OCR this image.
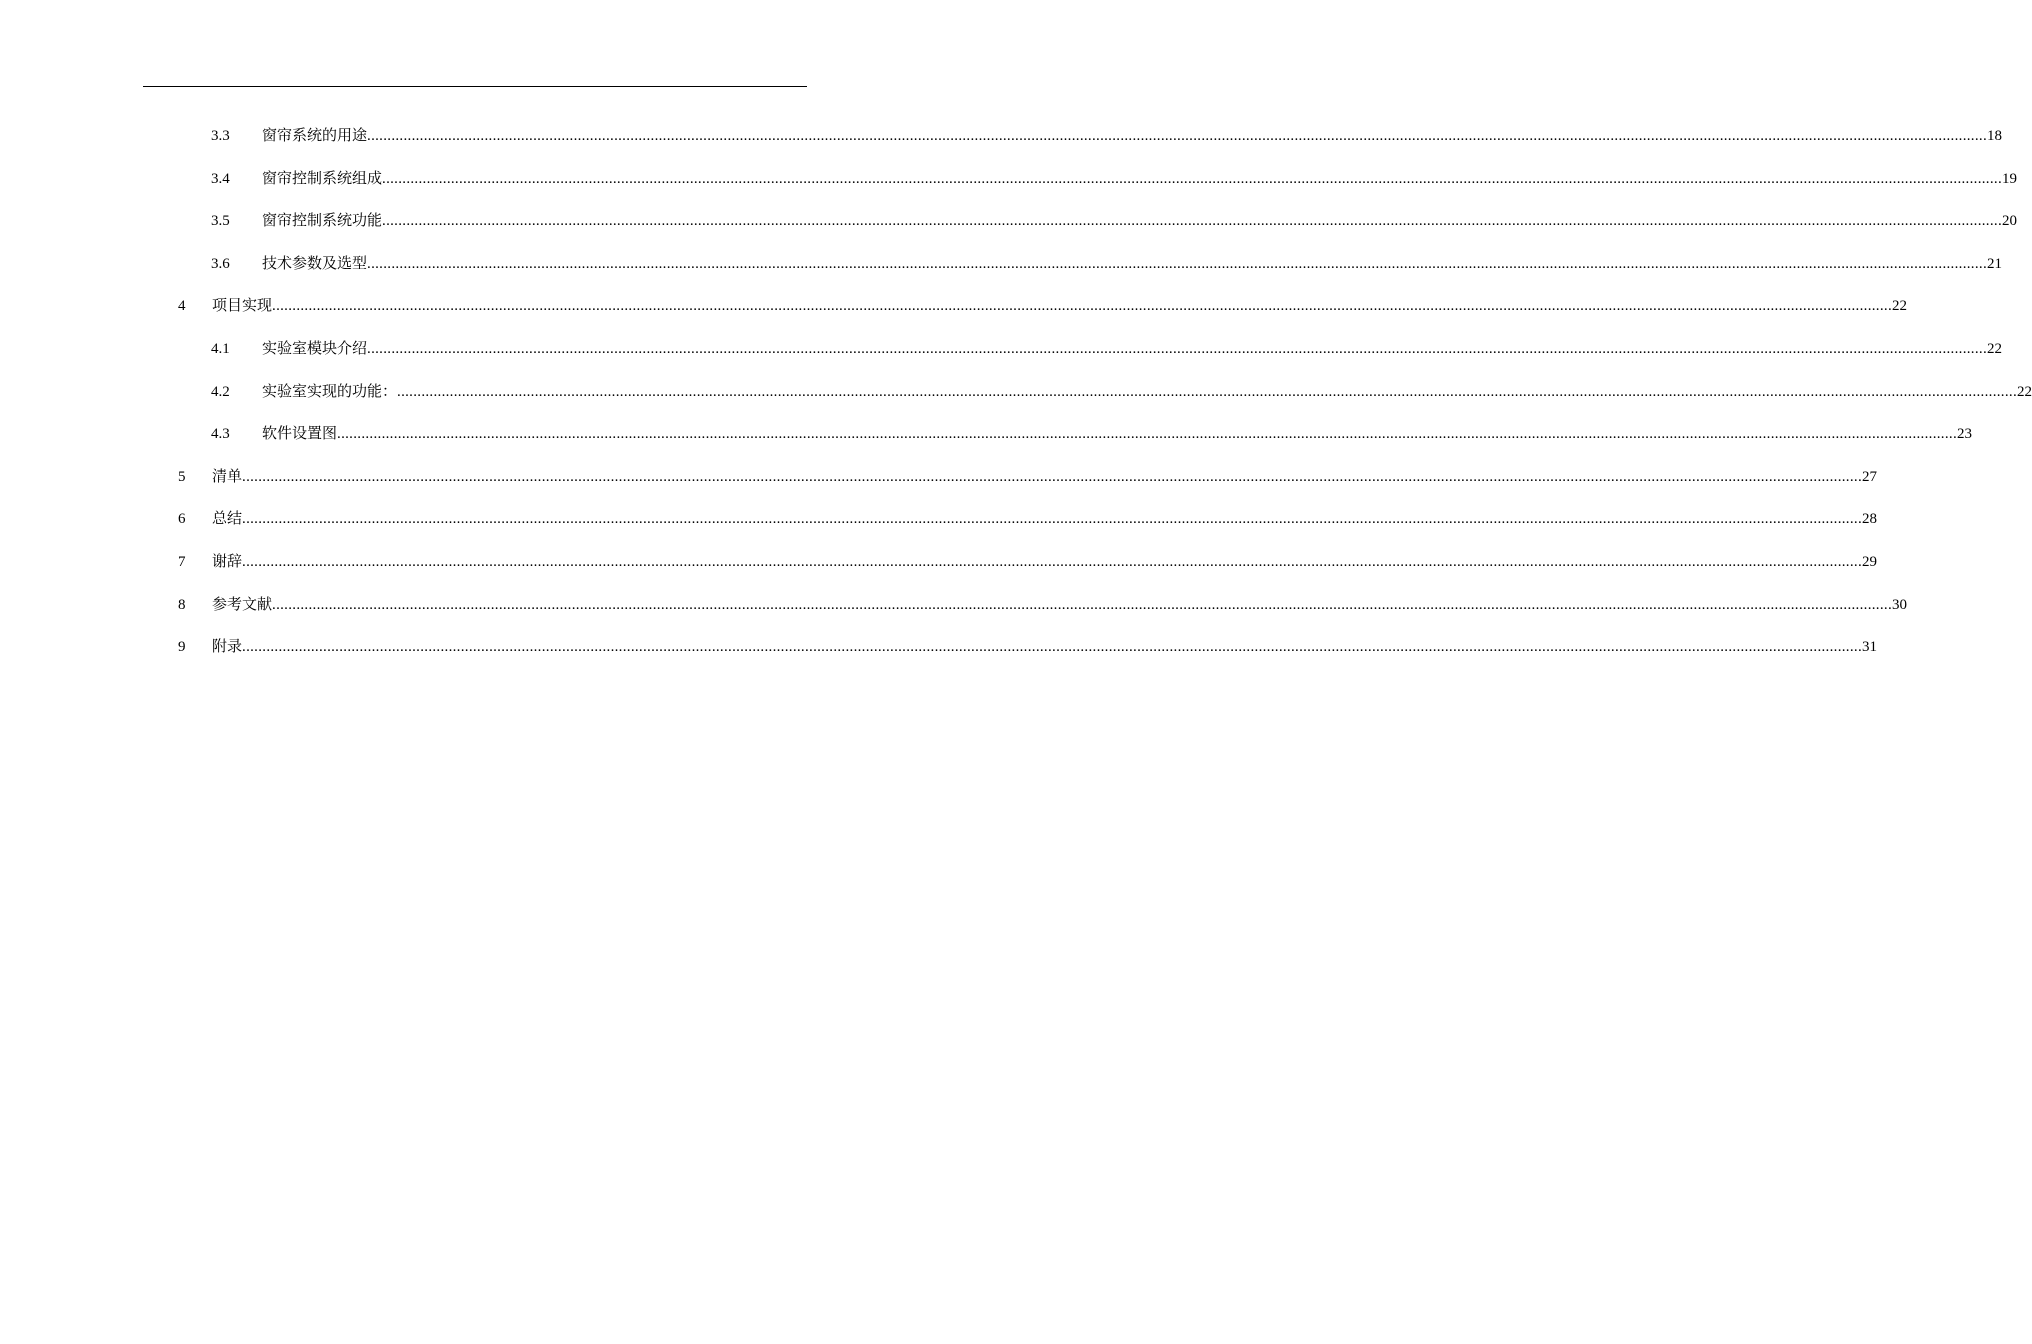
3.3 窗帘系统的用途 ................................................................................................................................................................................................................................................................................................................................................................................................................ 18
3.4 窗帘控制系统组成 ................................................................................................................................................................................................................................................................................................................................................................................................................ 19
3.5 窗帘控制系统功能 ................................................................................................................................................................................................................................................................................................................................................................................................................ 20
3.6 技术参数及选型 ................................................................................................................................................................................................................................................................................................................................................................................................................ 21
4 项目实现 ................................................................................................................................................................................................................................................................................................................................................................................................................ 22
4.1 实验室模块介绍 ................................................................................................................................................................................................................................................................................................................................................................................................................ 22
4.2 实验室实现的功能： ................................................................................................................................................................................................................................................................................................................................................................................................................ 22
4.3 软件设置图 ................................................................................................................................................................................................................................................................................................................................................................................................................ 23
5 清单 ................................................................................................................................................................................................................................................................................................................................................................................................................ 27
6 总结 ................................................................................................................................................................................................................................................................................................................................................................................................................ 28
7 谢辞 ................................................................................................................................................................................................................................................................................................................................................................................................................ 29
8 参考文献 ................................................................................................................................................................................................................................................................................................................................................................................................................ 30
9 附录 ................................................................................................................................................................................................................................................................................................................................................................................................................ 31
